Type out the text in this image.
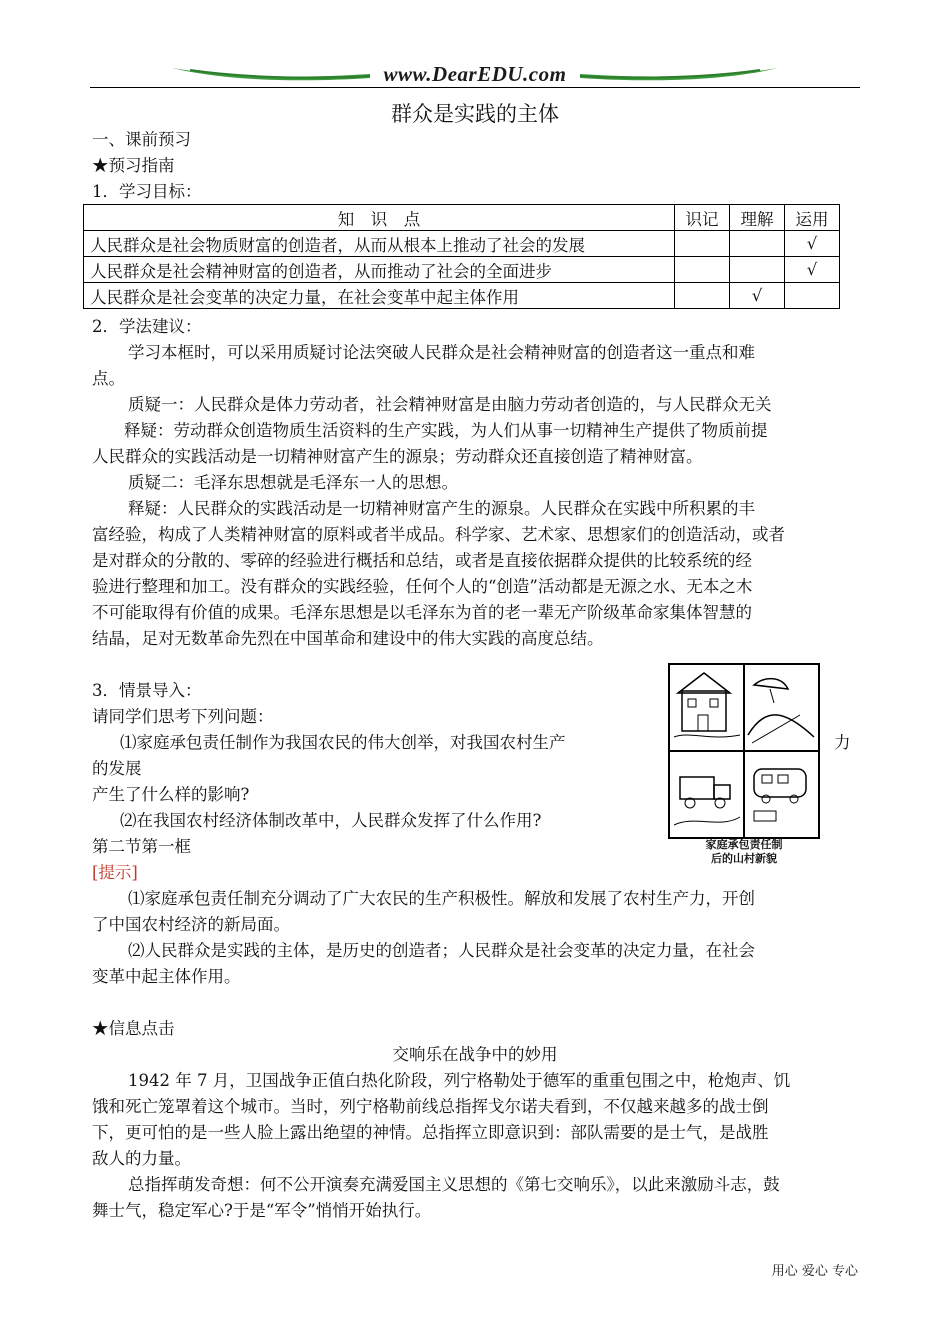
www.DearEDU.com
群众是实践的主体
一、课前预习
★预习指南
1．学习目标：
知　识　点	识记	理解	运用
人民群众是社会物质财富的创造者，从而从根本上推动了社会的发展			√
人民群众是社会精神财富的创造者，从而推动了社会的全面进步			√
人民群众是社会变革的决定力量，在社会变革中起主体作用		√	
2．学法建议：
学习本框时，可以采用质疑讨论法突破人民群众是社会精神财富的创造者这一重点和难
点。
质疑一：人民群众是体力劳动者，社会精神财富是由脑力劳动者创造的，与人民群众无关
释疑：劳动群众创造物质生活资料的生产实践，为人们从事一切精神生产提供了物质前提
人民群众的实践活动是一切精神财富产生的源泉；劳动群众还直接创造了精神财富。
质疑二：毛泽东思想就是毛泽东一人的思想。
释疑：人民群众的实践活动是一切精神财富产生的源泉。人民群众在实践中所积累的丰
富经验，构成了人类精神财富的原料或者半成品。科学家、艺术家、思想家们的创造活动，或者
是对群众的分散的、零碎的经验进行概括和总结，或者是直接依据群众提供的比较系统的经
验进行整理和加工。没有群众的实践经验，任何个人的“创造”活动都是无源之水、无本之木
不可能取得有价值的成果。毛泽东思想是以毛泽东为首的老一辈无产阶级革命家集体智慧的
结晶，足对无数革命先烈在中国革命和建设中的伟大实践的高度总结。
3．情景导入：
请同学们思考下列问题：
⑴家庭承包责任制作为我国农民的伟大创举，对我国农村生产	力
的发展
产生了什么样的影响?
⑵在我国农村经济体制改革中，人民群众发挥了什么作用?
第二节第一框	家庭承包责任制
后的山村新貌
[提示]
⑴家庭承包责任制充分调动了广大农民的生产积极性。解放和发展了农村生产力，开创
了中国农村经济的新局面。
⑵人民群众是实践的主体，是历史的创造者；人民群众是社会变革的决定力量，在社会
变革中起主体作用。
★信息点击
交响乐在战争中的妙用
1942 年 7 月，卫国战争正值白热化阶段，列宁格勒处于德军的重重包围之中，枪炮声、饥
饿和死亡笼罩着这个城市。当时，列宁格勒前线总指挥戈尔诺夫看到，不仅越来越多的战士倒
下，更可怕的是一些人脸上露出绝望的神情。总指挥立即意识到：部队需要的是士气，是战胜
敌人的力量。
总指挥萌发奇想：何不公开演奏充满爱国主义思想的《第七交响乐》，以此来激励斗志，鼓
舞士气，稳定军心?于是“军令”悄悄开始执行。
用心 爱心 专心
